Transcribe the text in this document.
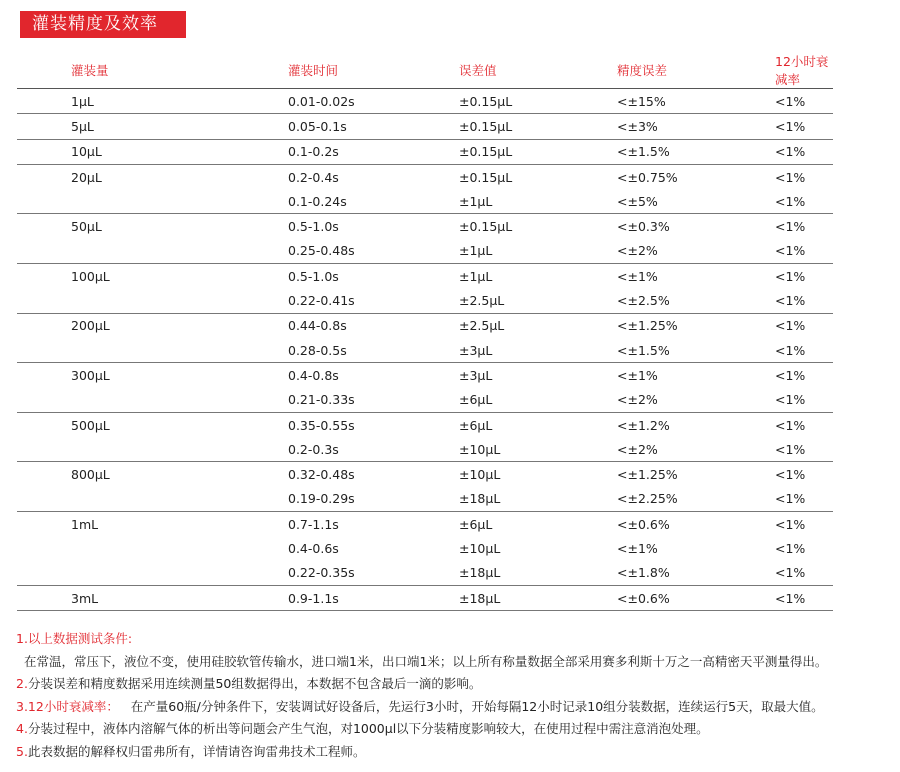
灌装精度及效率
灌装量	灌装时间	误差值	精度误差	12小时衰减率
1μL	0.01-0.02s	±0.15μL	<±15%	<1%
5μL	0.05-0.1s	±0.15μL	<±3%	<1%
10μL	0.1-0.2s	±0.15μL	<±1.5%	<1%
20μL	0.2-0.4s	±0.15μL	<±0.75%	<1%
	0.1-0.24s	±1μL	<±5%	<1%
50μL	0.5-1.0s	±0.15μL	<±0.3%	<1%
	0.25-0.48s	±1μL	<±2%	<1%
100μL	0.5-1.0s	±1μL	<±1%	<1%
	0.22-0.41s	±2.5μL	<±2.5%	<1%
200μL	0.44-0.8s	±2.5μL	<±1.25%	<1%
	0.28-0.5s	±3μL	<±1.5%	<1%
300μL	0.4-0.8s	±3μL	<±1%	<1%
	0.21-0.33s	±6μL	<±2%	<1%
500μL	0.35-0.55s	±6μL	<±1.2%	<1%
	0.2-0.3s	±10μL	<±2%	<1%
800μL	0.32-0.48s	±10μL	<±1.25%	<1%
	0.19-0.29s	±18μL	<±2.25%	<1%
1mL	0.7-1.1s	±6μL	<±0.6%	<1%
	0.4-0.6s	±10μL	<±1%	<1%
	0.22-0.35s	±18μL	<±1.8%	<1%
3mL	0.9-1.1s	±18μL	<±0.6%	<1%
1.以上数据测试条件:
在常温，常压下，液位不变，使用硅胶软管传输水，进口端1米，出口端1米；以上所有称量数据全部采用赛多利斯十万之一高精密天平测量得出。
2.分装误差和精度数据采用连续测量50组数据得出，本数据不包含最后一滴的影响。
3.12小时衰减率： 在产量60瓶/分钟条件下，安装调试好设备后，先运行3小时，开始每隔12小时记录10组分装数据，连续运行5天，取最大值。
4.分装过程中，液体内溶解气体的析出等问题会产生气泡，对1000μl以下分装精度影响较大，在使用过程中需注意消泡处理。
5.此表数据的解释权归雷弗所有，详情请咨询雷弗技术工程师。
